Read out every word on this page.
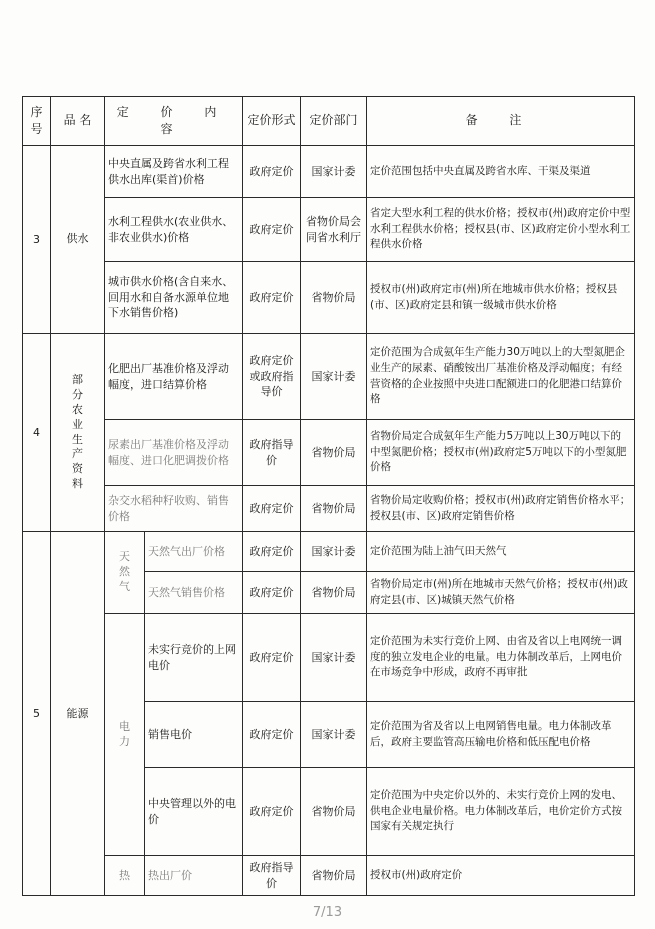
序号	品 名	定 价 内 容		定价形式	定价部门	备 注
3	供水	中央直属及跨省水利工程供水出库(渠首)价格		政府定价	国家计委	定价范围包括中央直属及跨省水库、干渠及渠道
		水利工程供水(农业供水、非农业供水)价格		政府定价	省物价局会同省水利厅	省定大型水利工程的供水价格；授权市(州)政府定价中型水利工程供水价格；授权县(市、区)政府定价小型水利工程供水价格
		城市供水价格(含自来水、回用水和自备水源单位地下水销售价格)		政府定价	省物价局	授权市(州)政府定市(州)所在地城市供水价格；授权县(市、区)政府定县和镇一级城市供水价格
4	部分农业生产资料	化肥出厂基准价格及浮动幅度，进口结算价格		政府定价或政府指导价	国家计委	定价范围为合成氨年生产能力30万吨以上的大型氮肥企业生产的尿素、硝酸铵出厂基准价格及浮动幅度；有经营资格的企业按照中央进口配额进口的化肥港口结算价格
		尿素出厂基准价格及浮动幅度、进口化肥调拨价格		政府指导价	省物价局	省物价局定合成氨年生产能力5万吨以上30万吨以下的中型氮肥价格；授权市(州)政府定5万吨以下的小型氮肥价格
		杂交水稻种籽收购、销售价格		政府定价	省物价局	省物价局定收购价格；授权市(州)政府定销售价格水平；授权县(市、区)政府定销售价格
5	能源	天然气	天然气出厂价格	政府定价	国家计委	定价范围为陆上油气田天然气
			天然气销售价格	政府定价	省物价局	省物价局定市(州)所在地城市天然气价格；授权市(州)政府定县(市、区)城镇天然气价格
		电力	未实行竞价的上网电价	政府定价	国家计委	定价范围为未实行竞价上网、由省及省以上电网统一调度的独立发电企业的电量。电力体制改革后，上网电价在市场竞争中形成，政府不再审批
			销售电价	政府定价	国家计委	定价范围为省及省以上电网销售电量。电力体制改革后，政府主要监管高压输电价格和低压配电价格
			中央管理以外的电价	政府定价	省物价局	定价范围为中央定价以外的、未实行竞价上网的发电、供电企业电量价格。电力体制改革后，电价定价方式按国家有关规定执行
		热	热出厂价	政府指导价	省物价局	授权市(州)政府定价
7/13
